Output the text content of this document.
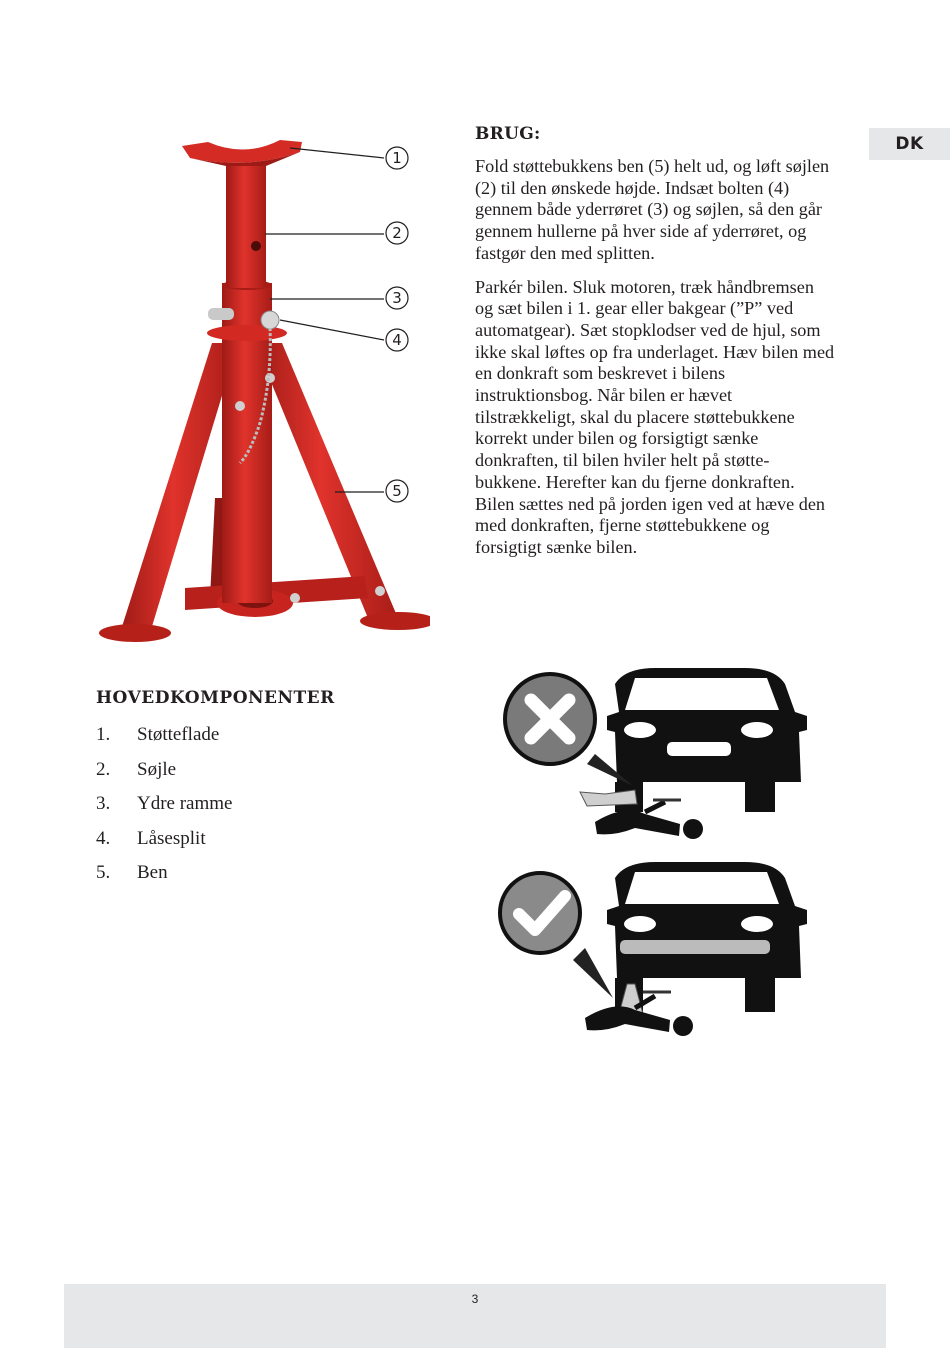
DK
1
2
3
4
5
BRUG:

Fold støttebukkens ben (5) helt ud, og løft søjlen (2) til den ønskede højde. Indsæt bolten (4) gennem både yderrøret (3) og søjlen, så den går gennem hullerne på hver side af yderrøret, og fastgør den med splitten.

Parkér bilen. Sluk motoren, træk håndbremsen og sæt bilen i 1. gear eller bakgear (”P” ved automatgear). Sæt stopklodser ved de hjul, som ikke skal løftes op fra underlaget. Hæv bilen med en donkraft som beskrevet i bilens instruktionsbog. Når bilen er hævet tilstrækkeligt, skal du placere støttebukkene korrekt under bilen og forsigtigt sænke donkraften, til bilen hviler helt på støtte-bukkene. Herefter kan du fjerne donkraften. Bilen sættes ned på jorden igen ved at hæve den med donkraften, fjerne støttebukkene og forsigtigt sænke bilen.

HOVEDKOMPONENTER
1.	Støtteflade
2.	Søjle
3.	Ydre ramme
4.	Låsesplit
5.	Ben
3
